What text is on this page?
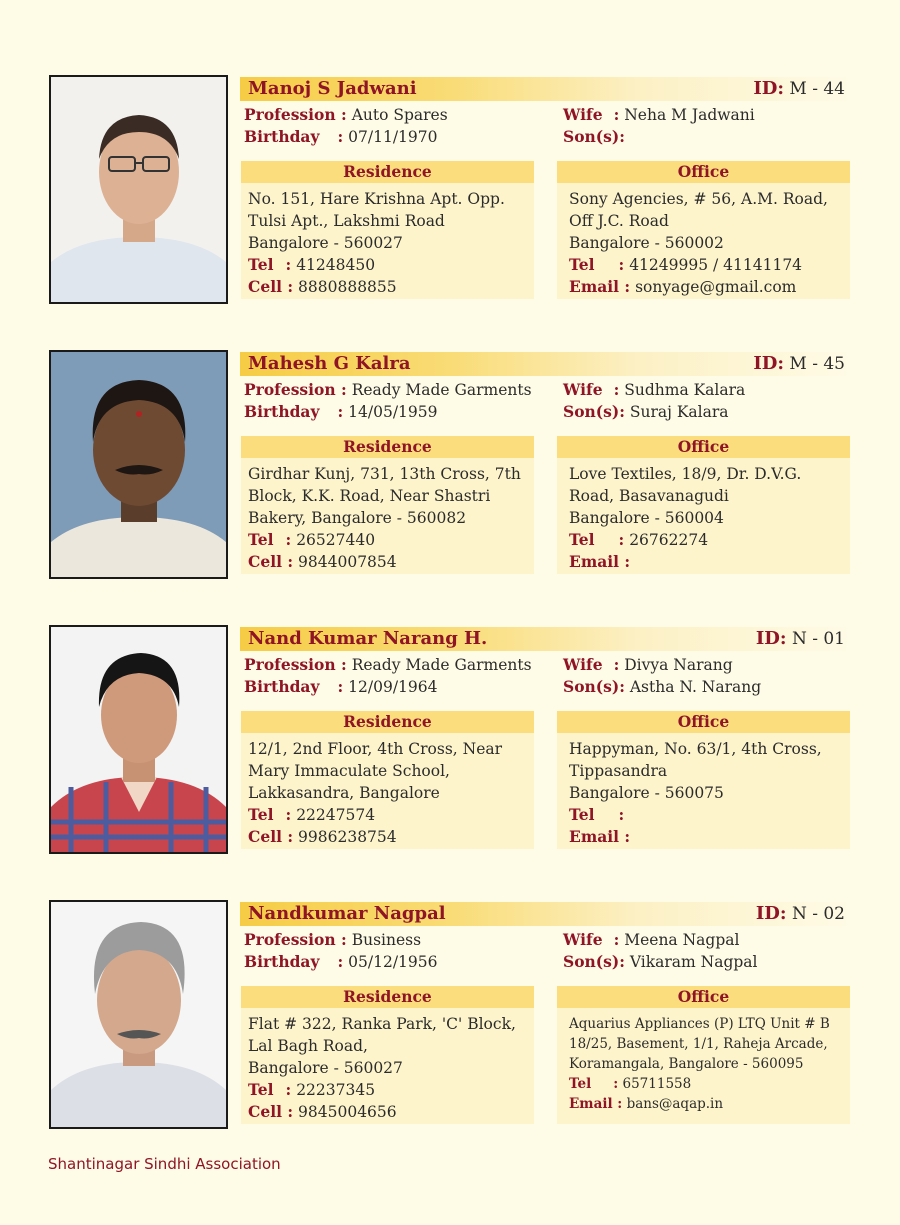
Manoj S Jadwani	ID: M - 44
Profession : Auto Spares
Birthday : 07/11/1970
Wife : Neha M Jadwani
Son(s):
Residence
No. 151, Hare Krishna Apt. Opp.
Tulsi Apt., Lakshmi Road
Bangalore - 560027
Tel : 41248450
Cell : 8880888855
Office
Sony Agencies, # 56, A.M. Road,
Off J.C. Road
Bangalore - 560002
Tel : 41249995 / 41141174
Email : sonyage@gmail.com
Mahesh G Kalra	ID: M - 45
Profession : Ready Made Garments
Birthday : 14/05/1959
Wife : Sudhma Kalara
Son(s): Suraj Kalara
Residence
Girdhar Kunj, 731, 13th Cross, 7th
Block, K.K. Road, Near Shastri
Bakery, Bangalore - 560082
Tel : 26527440
Cell : 9844007854
Office
Love Textiles, 18/9, Dr. D.V.G.
Road, Basavanagudi
Bangalore - 560004
Tel : 26762274
Email :
Nand Kumar Narang H.	ID: N - 01
Profession : Ready Made Garments
Birthday : 12/09/1964
Wife : Divya Narang
Son(s): Astha N. Narang
Residence
12/1, 2nd Floor, 4th Cross, Near
Mary Immaculate School,
Lakkasandra, Bangalore
Tel : 22247574
Cell : 9986238754
Office
Happyman, No. 63/1, 4th Cross,
Tippasandra
Bangalore - 560075
Tel :
Email :
Nandkumar Nagpal	ID: N - 02
Profession : Business
Birthday : 05/12/1956
Wife : Meena Nagpal
Son(s): Vikaram Nagpal
Residence
Flat # 322, Ranka Park, 'C' Block,
Lal Bagh Road,
Bangalore - 560027
Tel : 22237345
Cell : 9845004656
Office
Aquarius Appliances (P) LTQ Unit # B
18/25, Basement, 1/1, Raheja Arcade,
Koramangala, Bangalore - 560095
Tel : 65711558
Email : bans@aqap.in
Shantinagar Sindhi Association
